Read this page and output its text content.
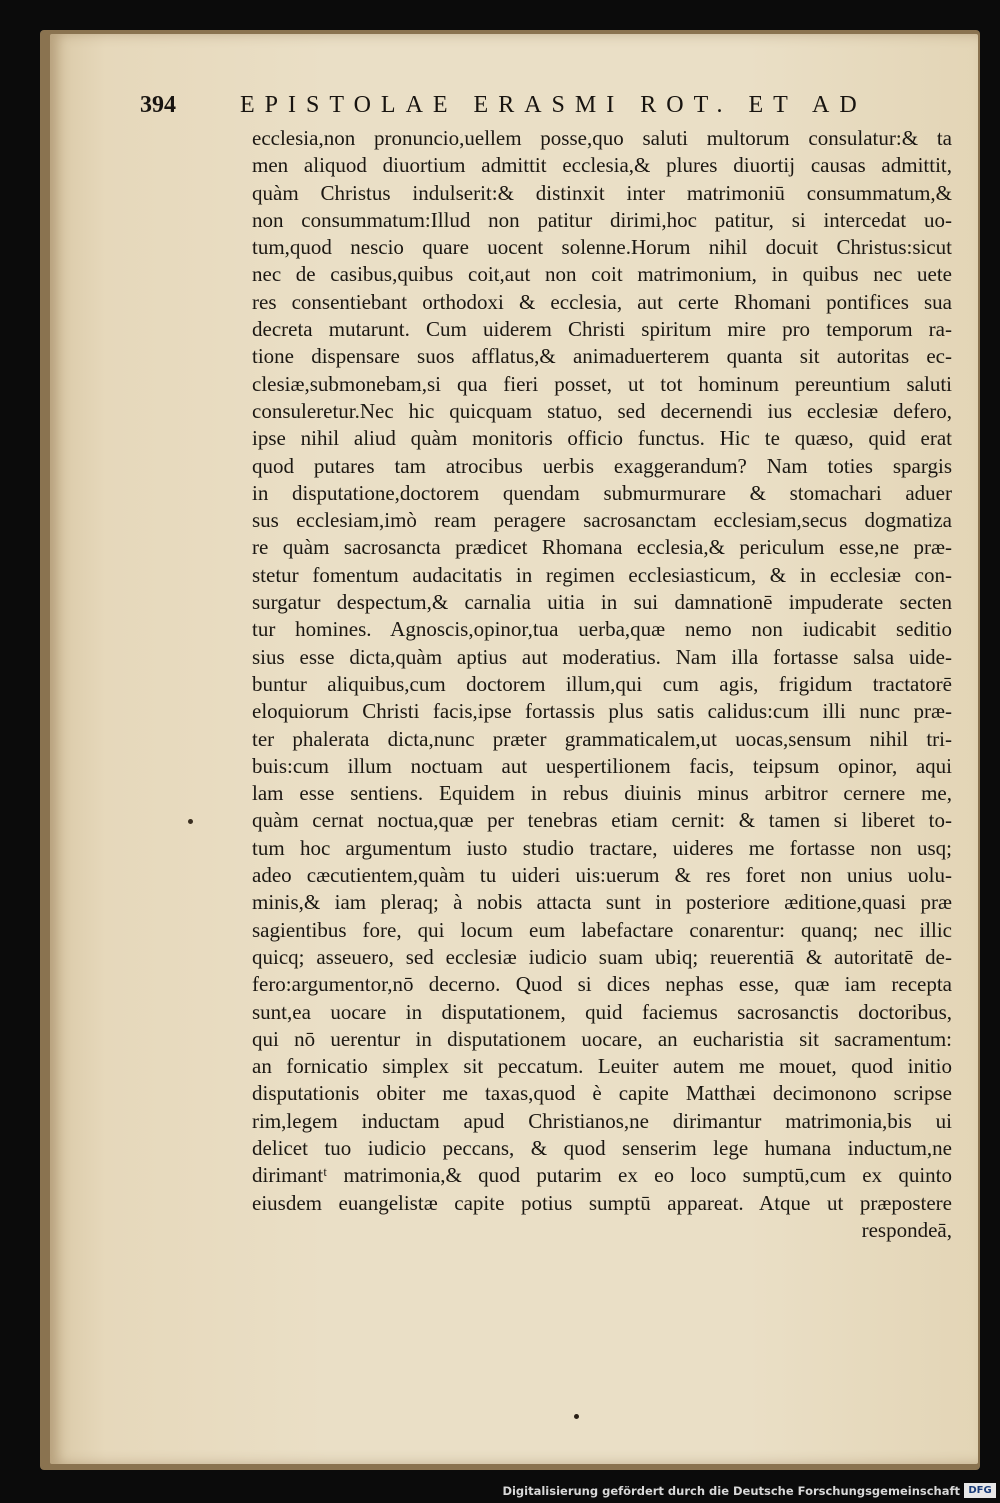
394	EPISTOLAE ERASMI ROT. ET AD
ecclesia,non pronuncio,uellem posse,quo saluti multorum consulatur:& ta
men aliquod diuortium admittit ecclesia,& plures diuortij causas admittit,
quàm Christus indulserit:& distinxit inter matrimoniū consummatum,&
non consummatum:Illud non patitur dirimi,hoc patitur, si intercedat uo-
tum,quod nescio quare uocent solenne.Horum nihil docuit Christus:sicut
nec de casibus,quibus coit,aut non coit matrimonium, in quibus nec uete
res consentiebant orthodoxi & ecclesia, aut certe Rhomani pontifices sua
decreta mutarunt. Cum uiderem Christi spiritum mire pro temporum ra-
tione dispensare suos afflatus,& animaduerterem quanta sit autoritas ec-
clesiæ,submonebam,si qua fieri posset, ut tot hominum pereuntium saluti
consuleretur.Nec hic quicquam statuo, sed decernendi ius ecclesiæ defero,
ipse nihil aliud quàm monitoris officio functus. Hic te quæso, quid erat
quod putares tam atrocibus uerbis exaggerandum? Nam toties spargis
in disputatione,doctorem quendam submurmurare & stomachari aduer
sus ecclesiam,imò ream peragere sacrosanctam ecclesiam,secus dogmatiza
re quàm sacrosancta prædicet Rhomana ecclesia,& periculum esse,ne præ-
stetur fomentum audacitatis in regimen ecclesiasticum, & in ecclesiæ con-
surgatur despectum,& carnalia uitia in sui damnationē impuderate secten
tur homines. Agnoscis,opinor,tua uerba,quæ nemo non iudicabit seditio
sius esse dicta,quàm aptius aut moderatius. Nam illa fortasse salsa uide-
buntur aliquibus,cum doctorem illum,qui cum agis, frigidum tractatorē
eloquiorum Christi facis,ipse fortassis plus satis calidus:cum illi nunc præ-
ter phalerata dicta,nunc præter grammaticalem,ut uocas,sensum nihil tri-
buis:cum illum noctuam aut uespertilionem facis, teipsum opinor, aqui
lam esse sentiens. Equidem in rebus diuinis minus arbitror cernere me,
quàm cernat noctua,quæ per tenebras etiam cernit: & tamen si liberet to-
tum hoc argumentum iusto studio tractare, uideres me fortasse non usq;
adeo cæcutientem,quàm tu uideri uis:uerum & res foret non unius uolu-
minis,& iam pleraq; à nobis attacta sunt in posteriore æditione,quasi præ
sagientibus fore, qui locum eum labefactare conarentur: quanq; nec illic
quicq; asseuero, sed ecclesiæ iudicio suam ubiq; reuerentiā & autoritatē de-
fero:argumentor,nō decerno. Quod si dices nephas esse, quæ iam recepta
sunt,ea uocare in disputationem, quid faciemus sacrosanctis doctoribus,
qui nō uerentur in disputationem uocare, an eucharistia sit sacramentum:
an fornicatio simplex sit peccatum. Leuiter autem me mouet, quod initio
disputationis obiter me taxas,quod è capite Matthæi decimonono scripse
rim,legem inductam apud Christianos,ne dirimantur matrimonia,bis ui
delicet tuo iudicio peccans, & quod senserim lege humana inductum,ne
dirimantᵗ matrimonia,& quod putarim ex eo loco sumptū,cum ex quinto
eiusdem euangelistæ capite potius sumptū appareat. Atque ut præpostere
respondeā,
Digitalisierung gefördert durch die Deutsche Forschungsgemeinschaft DFG
